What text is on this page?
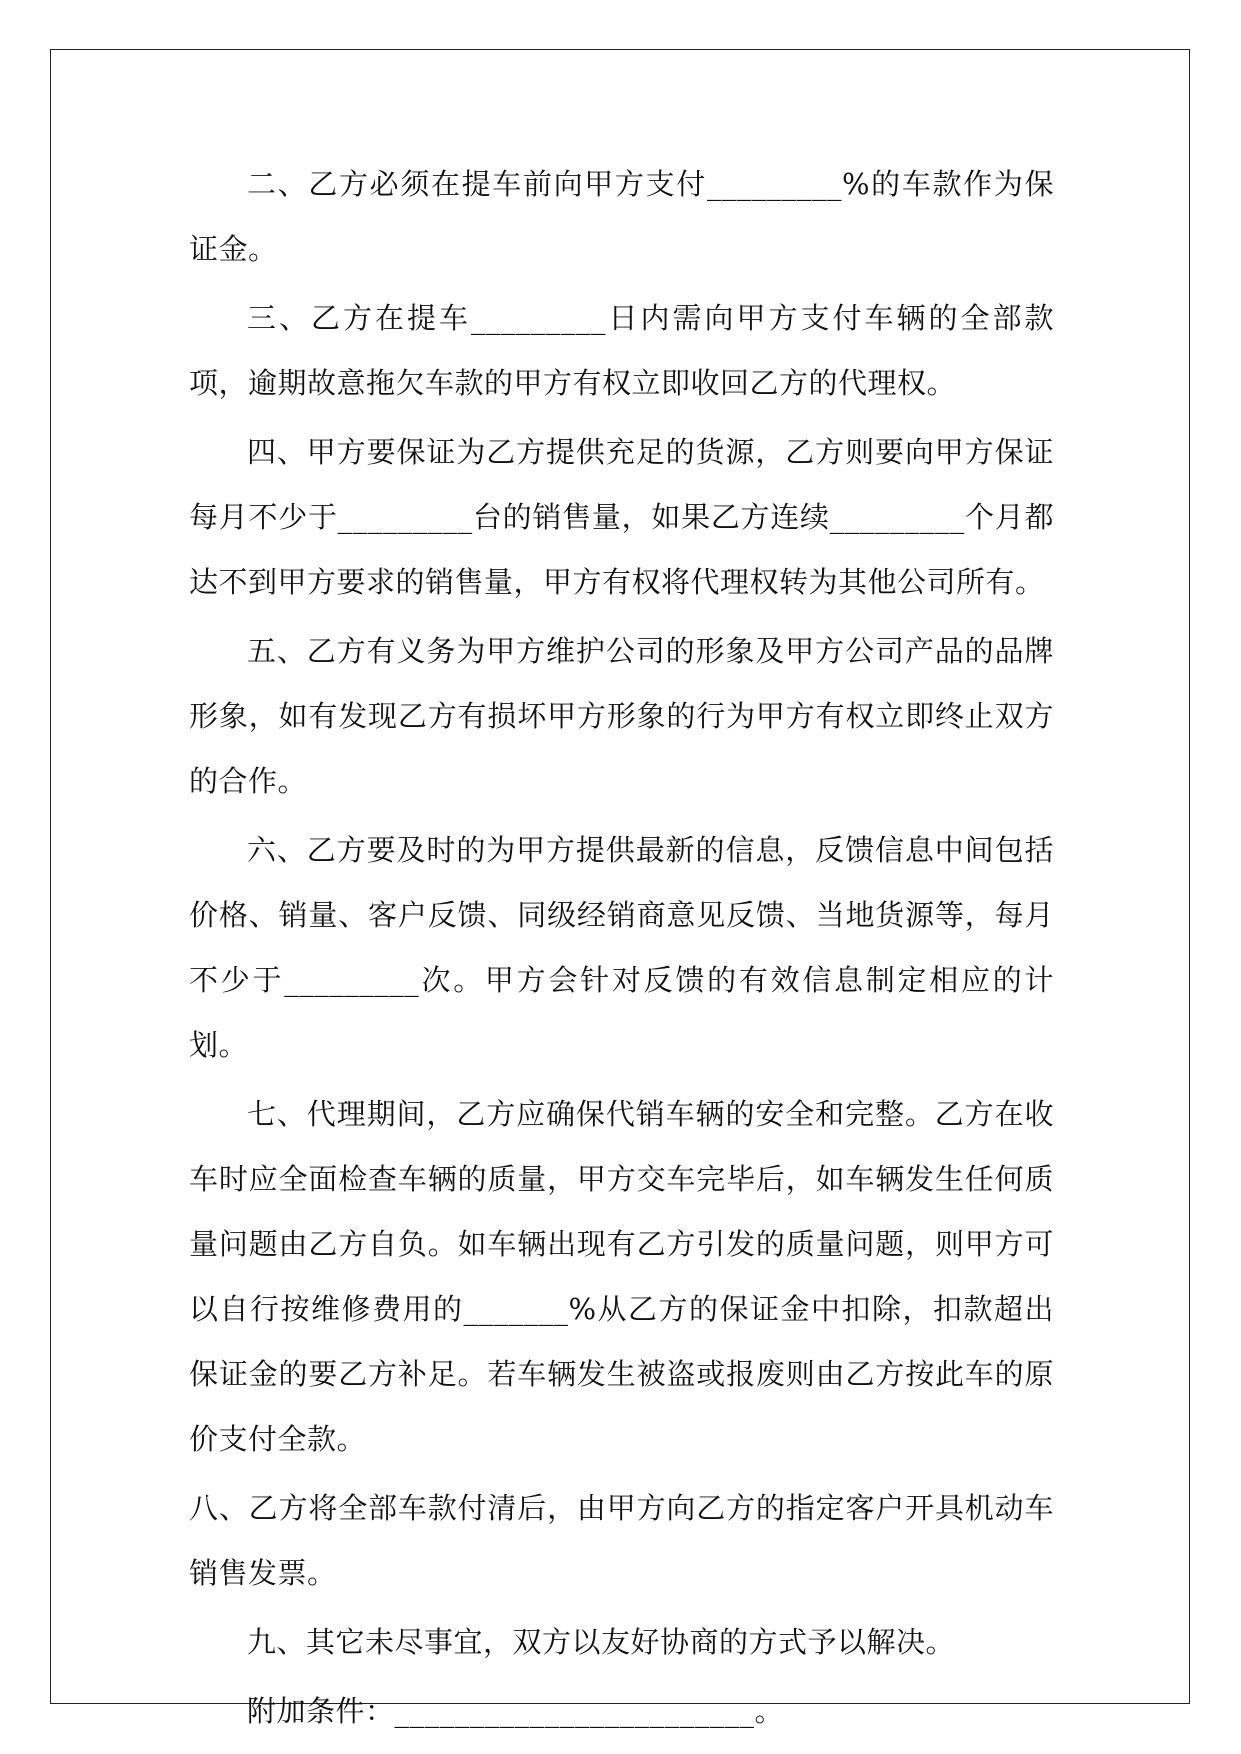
二、乙方必须在提车前向甲方支付_________%的车款作为保证金。

三、乙方在提车_________日内需向甲方支付车辆的全部款项，逾期故意拖欠车款的甲方有权立即收回乙方的代理权。

四、甲方要保证为乙方提供充足的货源，乙方则要向甲方保证每月不少于_________台的销售量，如果乙方连续_________个月都达不到甲方要求的销售量，甲方有权将代理权转为其他公司所有。

五、乙方有义务为甲方维护公司的形象及甲方公司产品的品牌形象，如有发现乙方有损坏甲方形象的行为甲方有权立即终止双方的合作。

六、乙方要及时的为甲方提供最新的信息，反馈信息中间包括价格、销量、客户反馈、同级经销商意见反馈、当地货源等，每月不少于_________次。甲方会针对反馈的有效信息制定相应的计划。

七、代理期间，乙方应确保代销车辆的安全和完整。乙方在收车时应全面检查车辆的质量，甲方交车完毕后，如车辆发生任何质量问题由乙方自负。如车辆出现有乙方引发的质量问题，则甲方可以自行按维修费用的_______%从乙方的保证金中扣除，扣款超出保证金的要乙方补足。若车辆发生被盗或报废则由乙方按此车的原价支付全款。

八、乙方将全部车款付清后，由甲方向乙方的指定客户开具机动车销售发票。

九、其它未尽事宜，双方以友好协商的方式予以解决。

附加条件：________________________。
